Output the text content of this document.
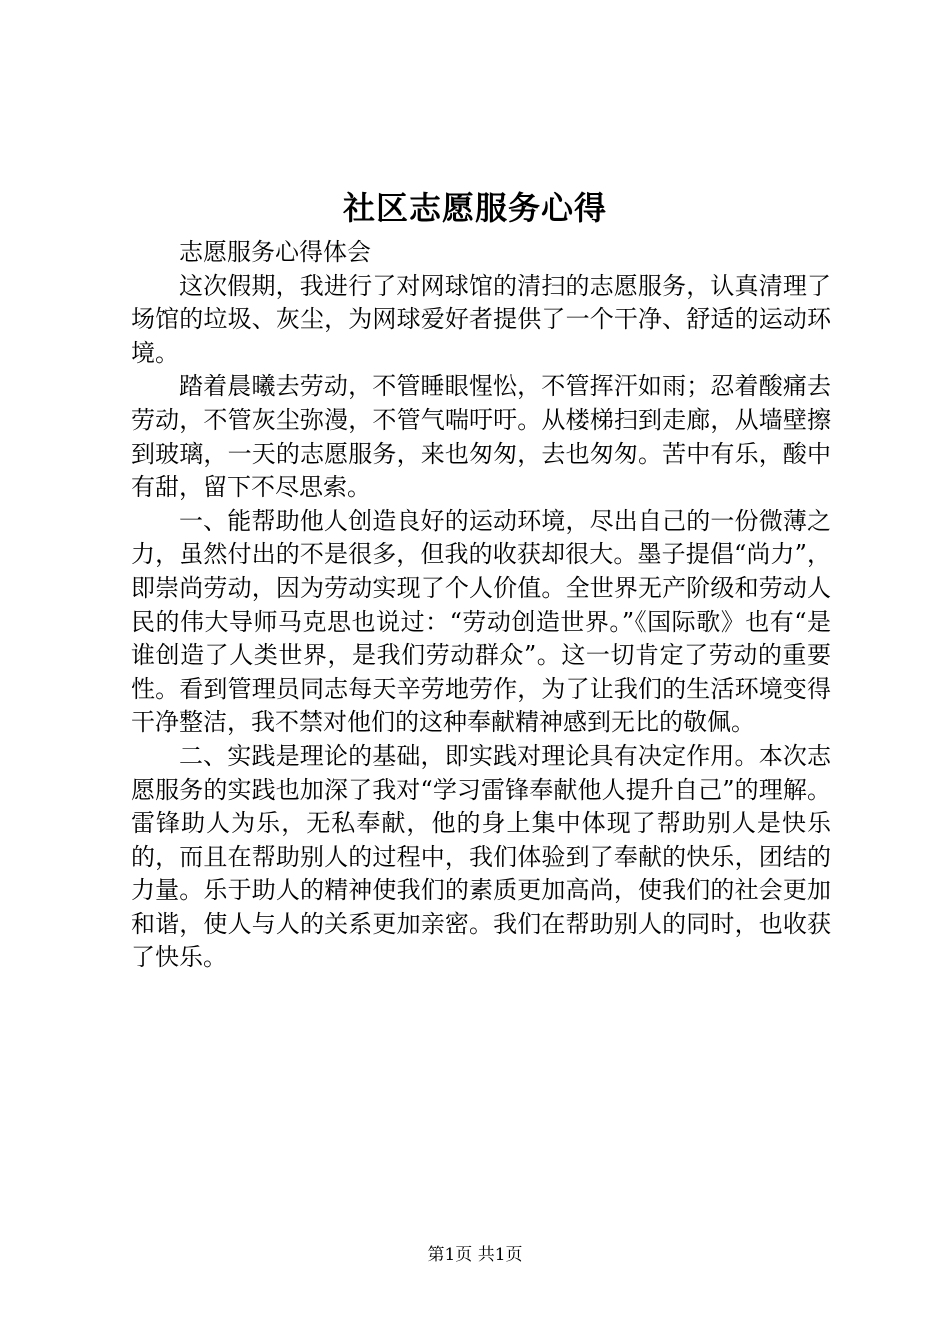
社区志愿服务心得

志愿服务心得体会

这次假期，我进行了对网球馆的清扫的志愿服务，认真清理了场馆的垃圾、灰尘，为网球爱好者提供了一个干净、舒适的运动环境。

踏着晨曦去劳动，不管睡眼惺忪，不管挥汗如雨；忍着酸痛去劳动，不管灰尘弥漫，不管气喘吁吁。从楼梯扫到走廊，从墙壁擦到玻璃，一天的志愿服务，来也匆匆，去也匆匆。苦中有乐，酸中有甜，留下不尽思索。

一、能帮助他人创造良好的运动环境，尽出自己的一份微薄之力，虽然付出的不是很多，但我的收获却很大。墨子提倡“尚力”，即崇尚劳动，因为劳动实现了个人价值。全世界无产阶级和劳动人民的伟大导师马克思也说过：“劳动创造世界。”《国际歌》也有“是谁创造了人类世界，是我们劳动群众”。这一切肯定了劳动的重要性。看到管理员同志每天辛劳地劳作，为了让我们的生活环境变得干净整洁，我不禁对他们的这种奉献精神感到无比的敬佩。

二、实践是理论的基础，即实践对理论具有决定作用。本次志愿服务的实践也加深了我对“学习雷锋奉献他人提升自己”的理解。雷锋助人为乐，无私奉献，他的身上集中体现了帮助别人是快乐的，而且在帮助别人的过程中，我们体验到了奉献的快乐，团结的力量。乐于助人的精神使我们的素质更加高尚，使我们的社会更加和谐，使人与人的关系更加亲密。我们在帮助别人的同时，也收获了快乐。

第1页 共1页
